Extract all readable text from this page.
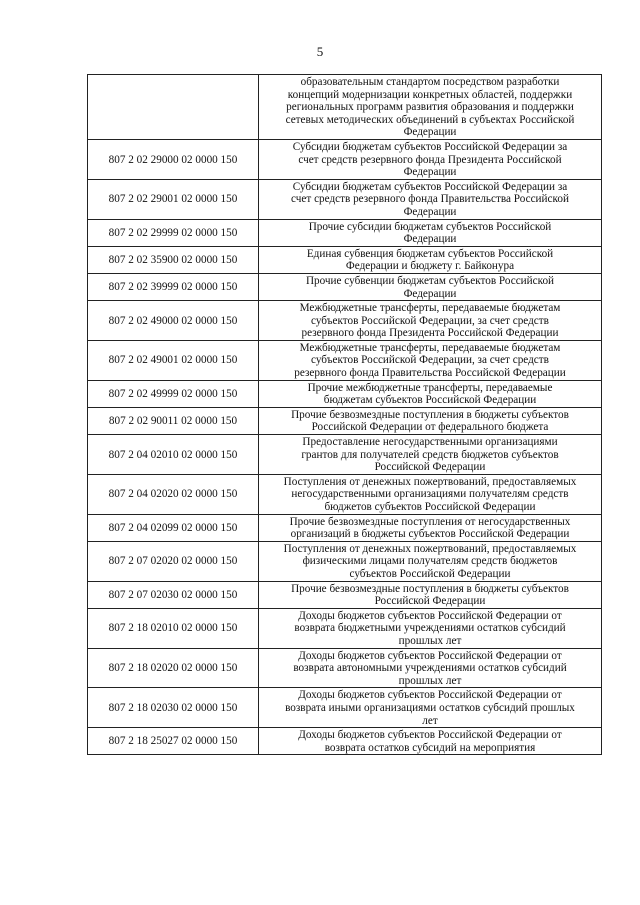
5
	образовательным стандартом посредством разработки
концепций модернизации конкретных областей, поддержки
региональных программ развития образования и поддержки
сетевых методических объединений в субъектах Российской
Федерации
807 2 02 29000 02 0000 150	Субсидии бюджетам субъектов Российской Федерации за
счет средств резервного фонда Президента Российской
Федерации
807 2 02 29001 02 0000 150	Субсидии бюджетам субъектов Российской Федерации за
счет средств резервного фонда Правительства Российской
Федерации
807 2 02 29999 02 0000 150	Прочие субсидии бюджетам субъектов Российской
Федерации
807 2 02 35900 02 0000 150	Единая субвенция бюджетам субъектов Российской
Федерации и бюджету г. Байконура
807 2 02 39999 02 0000 150	Прочие субвенции бюджетам субъектов Российской
Федерации
807 2 02 49000 02 0000 150	Межбюджетные трансферты, передаваемые бюджетам
субъектов Российской Федерации, за счет средств
резервного фонда Президента Российской Федерации
807 2 02 49001 02 0000 150	Межбюджетные трансферты, передаваемые бюджетам
субъектов Российской Федерации, за счет средств
резервного фонда Правительства Российской Федерации
807 2 02 49999 02 0000 150	Прочие межбюджетные трансферты, передаваемые
бюджетам субъектов Российской Федерации
807 2 02 90011 02 0000 150	Прочие безвозмездные поступления в бюджеты субъектов
Российской Федерации от федерального бюджета
807 2 04 02010 02 0000 150	Предоставление негосударственными организациями
грантов для получателей средств бюджетов субъектов
Российской Федерации
807 2 04 02020 02 0000 150	Поступления от денежных пожертвований, предоставляемых
негосударственными организациями получателям средств
бюджетов субъектов Российской Федерации
807 2 04 02099 02 0000 150	Прочие безвозмездные поступления от негосударственных
организаций в бюджеты субъектов Российской Федерации
807 2 07 02020 02 0000 150	Поступления от денежных пожертвований, предоставляемых
физическими лицами получателям средств бюджетов
субъектов Российской Федерации
807 2 07 02030 02 0000 150	Прочие безвозмездные поступления в бюджеты субъектов
Российской Федерации
807 2 18 02010 02 0000 150	Доходы бюджетов субъектов Российской Федерации от
возврата бюджетными учреждениями остатков субсидий
прошлых лет
807 2 18 02020 02 0000 150	Доходы бюджетов субъектов Российской Федерации от
возврата автономными учреждениями остатков субсидий
прошлых лет
807 2 18 02030 02 0000 150	Доходы бюджетов субъектов Российской Федерации от
возврата иными организациями остатков субсидий прошлых
лет
807 2 18 25027 02 0000 150	Доходы бюджетов субъектов Российской Федерации от
возврата остатков субсидий на мероприятия
